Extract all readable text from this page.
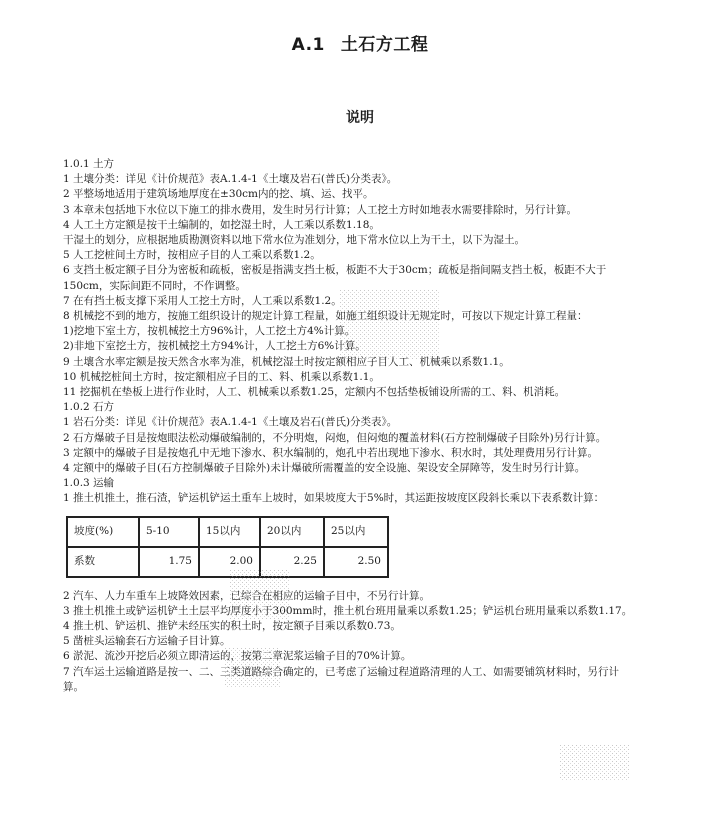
A.1 土石方工程
说明

1.0.1 土方

1 土壤分类：详见《计价规范》表A.1.4-1《土壤及岩石(普氏)分类表》。

2 平整场地适用于建筑场地厚度在±30cm内的挖、填、运、找平。

3 本章未包括地下水位以下施工的排水费用，发生时另行计算；人工挖土方时如地表水需要排除时，另行计算。

4 人工土方定额是按干土编制的，如挖湿土时，人工乘以系数1.18。

干湿土的划分，应根据地质勘测资料以地下常水位为准划分，地下常水位以上为干土，以下为湿土。

5 人工挖桩间土方时，按相应子目的人工乘以系数1.2。

6 支挡土板定额子目分为密板和疏板，密板是指满支挡土板，板距不大于30cm；疏板是指间隔支挡土板，板距不大于150cm，实际间距不同时，不作调整。

7 在有挡土板支撑下采用人工挖土方时，人工乘以系数1.2。

8 机械挖不到的地方，按施工组织设计的规定计算工程量，如施工组织设计无规定时，可按以下规定计算工程量：

1)挖地下室土方，按机械挖土方96%计，人工挖土方4%计算。

2)非地下室挖土方，按机械挖土方94%计，人工挖土方6%计算。

9 土壤含水率定额是按天然含水率为准，机械挖湿土时按定额相应子目人工、机械乘以系数1.1。

10 机械挖桩间土方时，按定额相应子目的工、料、机乘以系数1.1。

11 挖掘机在垫板上进行作业时，人工、机械乘以系数1.25，定额内不包括垫板铺设所需的工、料、机消耗。

1.0.2 石方

1 岩石分类：详见《计价规范》表A.1.4-1《土壤及岩石(普氏)分类表》。

2 石方爆破子目是按炮眼法松动爆破编制的，不分明炮，闷炮，但闷炮的覆盖材料(石方控制爆破子目除外)另行计算。

3 定额中的爆破子目是按炮孔中无地下渗水、积水编制的，炮孔中若出现地下渗水、积水时，其处理费用另行计算。

4 定额中的爆破子目(石方控制爆破子目除外)未计爆破所需覆盖的安全设施、架设安全屏障等，发生时另行计算。

1.0.3 运输

1 推土机推土，推石渣，铲运机铲运土重车上坡时，如果坡度大于5%时，其运距按坡度区段斜长乘以下表系数计算：

坡度(%)	5-10	15以内	20以内	25以内
系数	1.75	2.00	2.25	2.50

2 汽车、人力车重车上坡降效因素，已综合在相应的运输子目中，不另行计算。

3 推土机推土或铲运机铲土土层平均厚度小于300mm时，推土机台班用量乘以系数1.25；铲运机台班用量乘以系数1.17。

4 推土机、铲运机、推铲未经压实的积土时，按定额子目乘以系数0.73。

5 凿桩头运输套石方运输子目计算。

6 淤泥、流沙开挖后必须立即清运的，按第二章泥浆运输子目的70%计算。

7 汽车运土运输道路是按一、二、三类道路综合确定的，已考虑了运输过程道路清理的人工、如需要铺筑材料时，另行计算。
